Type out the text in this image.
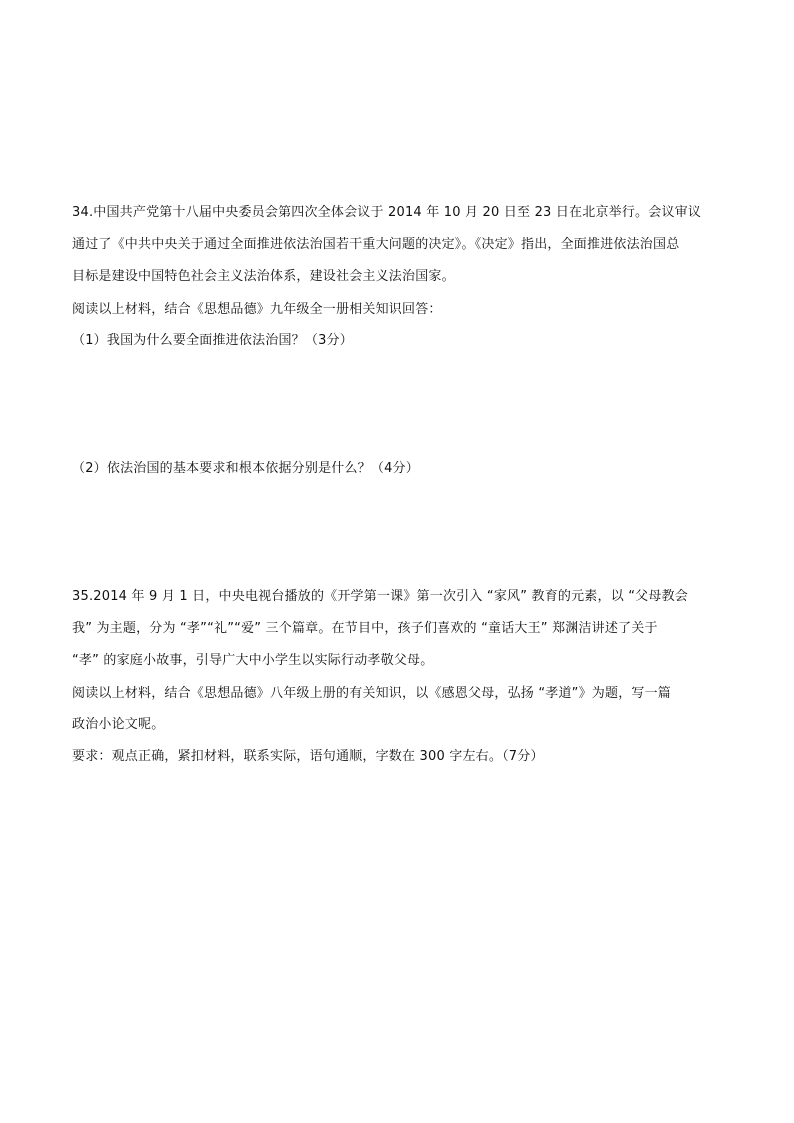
34.中国共产党第十八届中央委员会第四次全体会议于 2014 年 10 月 20 日至 23 日在北京举行。会议审议
通过了《中共中央关于通过全面推进依法治国若干重大问题的决定》。《决定》指出，全面推进依法治国总
目标是建设中国特色社会主义法治体系，建设社会主义法治国家。
阅读以上材料，结合《思想品德》九年级全一册相关知识回答：
（1）我国为什么要全面推进依法治国？（3分）
（2）依法治国的基本要求和根本依据分别是什么？（4分）
35.2014 年 9 月 1 日，中央电视台播放的《开学第一课》第一次引入 “家风” 教育的元素，以 “父母教会
我” 为主题，分为 “孝”“礼”“爱” 三个篇章。在节目中，孩子们喜欢的 “童话大王” 郑渊洁讲述了关于
“孝” 的家庭小故事，引导广大中小学生以实际行动孝敬父母。
阅读以上材料，结合《思想品德》八年级上册的有关知识，以《感恩父母，弘扬 “孝道”》为题，写一篇
政治小论文呢。
要求：观点正确，紧扣材料，联系实际，语句通顺，字数在 300 字左右。（7分）
